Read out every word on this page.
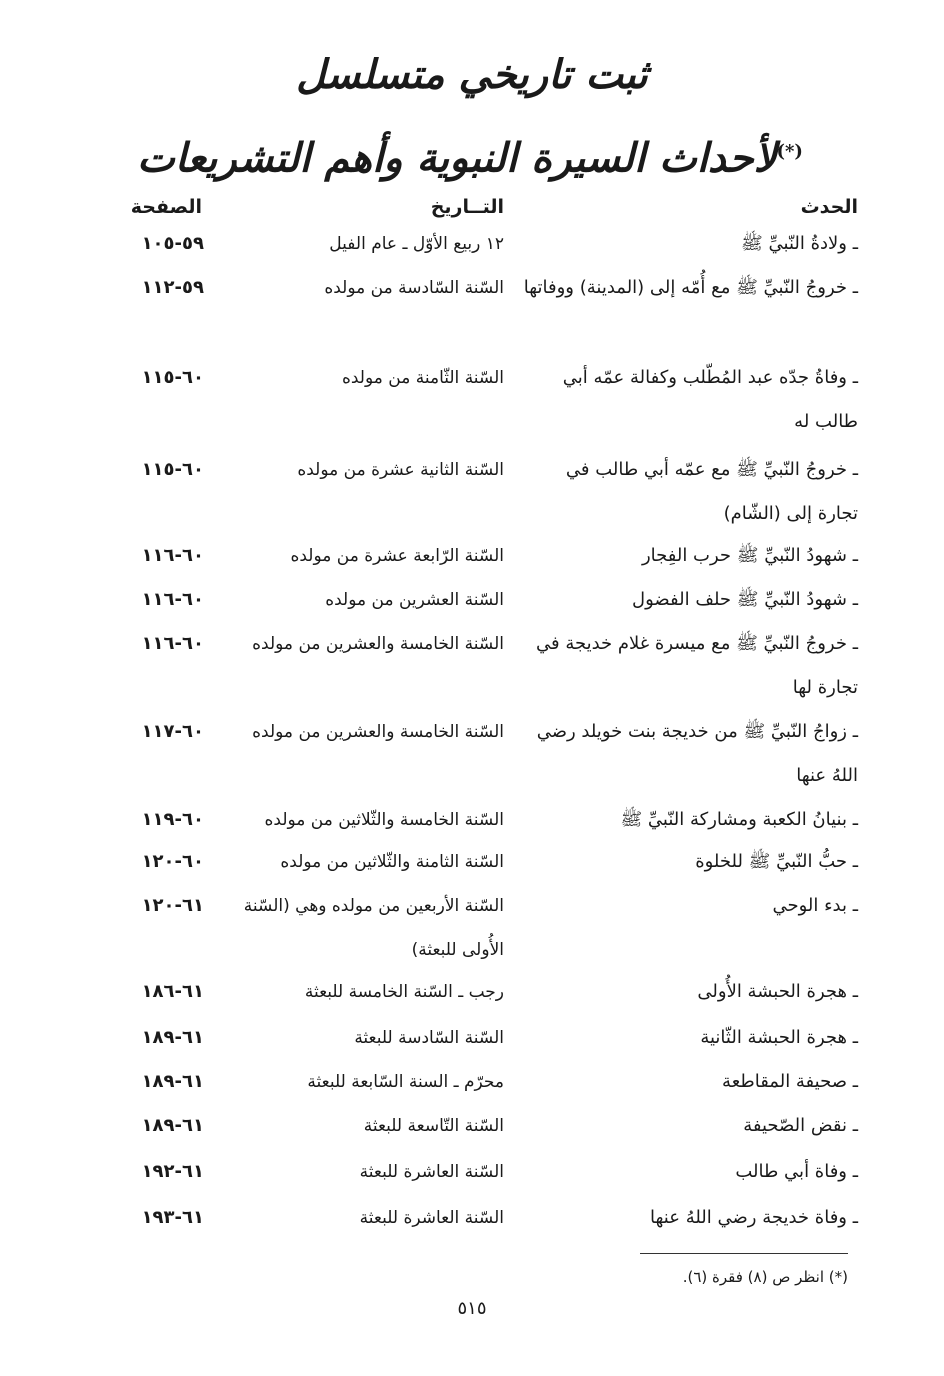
ثبت تاريخي متسلسل
(*)لأحداث السيرة النبوية وأهم التشريعات
الحدث
التــاريخ
الصفحة
ـ ولادةُ النّبيِّ ﷺ
١٢ ربيع الأوّل ـ عام الفيل
٥٩-١٠٥
ـ خروجُ النّبيِّ ﷺ مع أُمّه إلى (المدينة) ووفاتها
السّنة السّادسة من مولده
٥٩-١١٢
ـ وفاةُ جدّه عبد المُطّلب وكفالة عمّه أبي طالب له
السّنة الثّامنة من مولده
٦٠-١١٥
ـ خروجُ النّبيِّ ﷺ مع عمّه أبي طالب في تجارة إلى (الشّام)
السّنة الثانية عشرة من مولده
٦٠-١١٥
ـ شهودُ النّبيِّ ﷺ حرب الفِجار
السّنة الرّابعة عشرة من مولده
٦٠-١١٦
ـ شهودُ النّبيِّ ﷺ حلف الفضول
السّنة العشرين من مولده
٦٠-١١٦
ـ خروجُ النّبيِّ ﷺ مع ميسرة غلام خديجة في تجارة لها
السّنة الخامسة والعشرين من مولده
٦٠-١١٦
ـ زواجُ النّبيِّ ﷺ من خديجة بنت خويلد رضي اللهُ عنها
السّنة الخامسة والعشرين من مولده
٦٠-١١٧
ـ بنيانُ الكعبة ومشاركة النّبيِّ ﷺ
السّنة الخامسة والثّلاثين من مولده
٦٠-١١٩
ـ حبُّ النّبيِّ ﷺ للخلوة
السّنة الثامنة والثّلاثين من مولده
٦٠-١٢٠
ـ بدء الوحي
السّنة الأربعين من مولده وهي (السّنة الأُولى للبعثة)
٦١-١٢٠
ـ هجرة الحبشة الأُولى
رجب ـ السّنة الخامسة للبعثة
٦١-١٨٦
ـ هجرة الحبشة الثّانية
السّنة السّادسة للبعثة
٦١-١٨٩
ـ صحيفة المقاطعة
محرّم ـ السنة السّابعة للبعثة
٦١-١٨٩
ـ نقض الصّحيفة
السّنة التّاسعة للبعثة
٦١-١٨٩
ـ وفاة أبي طالب
السّنة العاشرة للبعثة
٦١-١٩٢
ـ وفاة خديجة رضي اللهُ عنها
السّنة العاشرة للبعثة
٦١-١٩٣
(*) انظر ص (٨) فقرة (٦).
٥١٥
